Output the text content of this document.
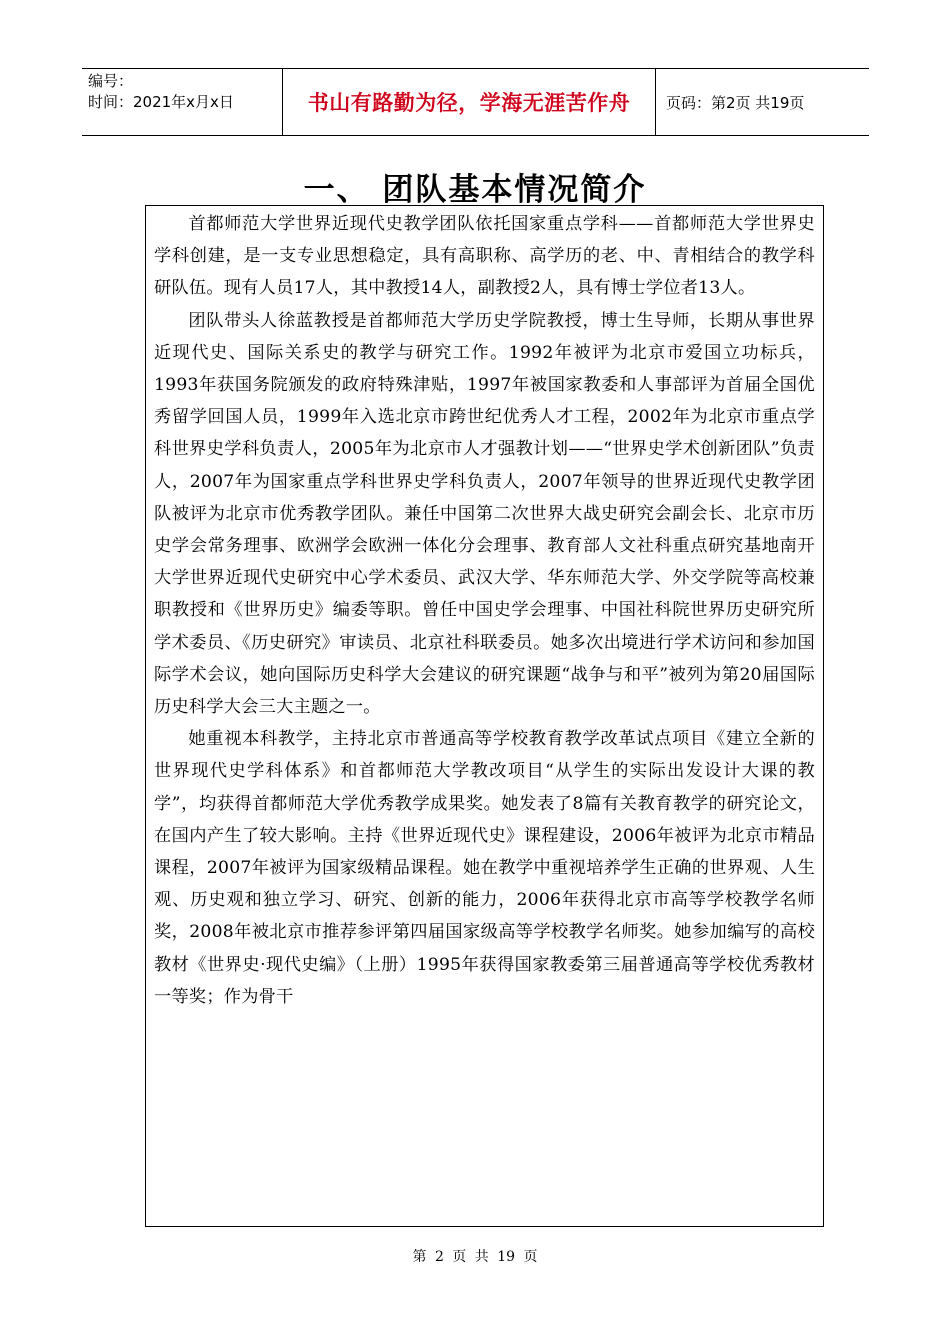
编号：
时间：2021年x月x日	书山有路勤为径，学海无涯苦作舟	页码：第2页 共19页
一、 团队基本情况简介

首都师范大学世界近现代史教学团队依托国家重点学科——首都师范大学世界史学科创建，是一支专业思想稳定，具有高职称、高学历的老、中、青相结合的教学科研队伍。现有人员17人，其中教授14人，副教授2人，具有博士学位者13人。

团队带头人徐蓝教授是首都师范大学历史学院教授，博士生导师，长期从事世界近现代史、国际关系史的教学与研究工作。1992年被评为北京市爱国立功标兵，1993年获国务院颁发的政府特殊津贴，1997年被国家教委和人事部评为首届全国优秀留学回国人员，1999年入选北京市跨世纪优秀人才工程，2002年为北京市重点学科世界史学科负责人，2005年为北京市人才强教计划——“世界史学术创新团队”负责人，2007年为国家重点学科世界史学科负责人，2007年领导的世界近现代史教学团队被评为北京市优秀教学团队。兼任中国第二次世界大战史研究会副会长、北京市历史学会常务理事、欧洲学会欧洲一体化分会理事、教育部人文社科重点研究基地南开大学世界近现代史研究中心学术委员、武汉大学、华东师范大学、外交学院等高校兼职教授和《世界历史》编委等职。曾任中国史学会理事、中国社科院世界历史研究所学术委员、《历史研究》审读员、北京社科联委员。她多次出境进行学术访问和参加国际学术会议，她向国际历史科学大会建议的研究课题“战争与和平”被列为第20届国际历史科学大会三大主题之一。

她重视本科教学，主持北京市普通高等学校教育教学改革试点项目《建立全新的世界现代史学科体系》和首都师范大学教改项目“从学生的实际出发设计大课的教学”，均获得首都师范大学优秀教学成果奖。她发表了8篇有关教育教学的研究论文，在国内产生了较大影响。主持《世界近现代史》课程建设，2006年被评为北京市精品课程，2007年被评为国家级精品课程。她在教学中重视培养学生正确的世界观、人生观、历史观和独立学习、研究、创新的能力，2006年获得北京市高等学校教学名师奖，2008年被北京市推荐参评第四届国家级高等学校教学名师奖。她参加编写的高校教材《世界史·现代史编》（上册）1995年获得国家教委第三届普通高等学校优秀教材一等奖；作为骨干

第 2 页 共 19 页
